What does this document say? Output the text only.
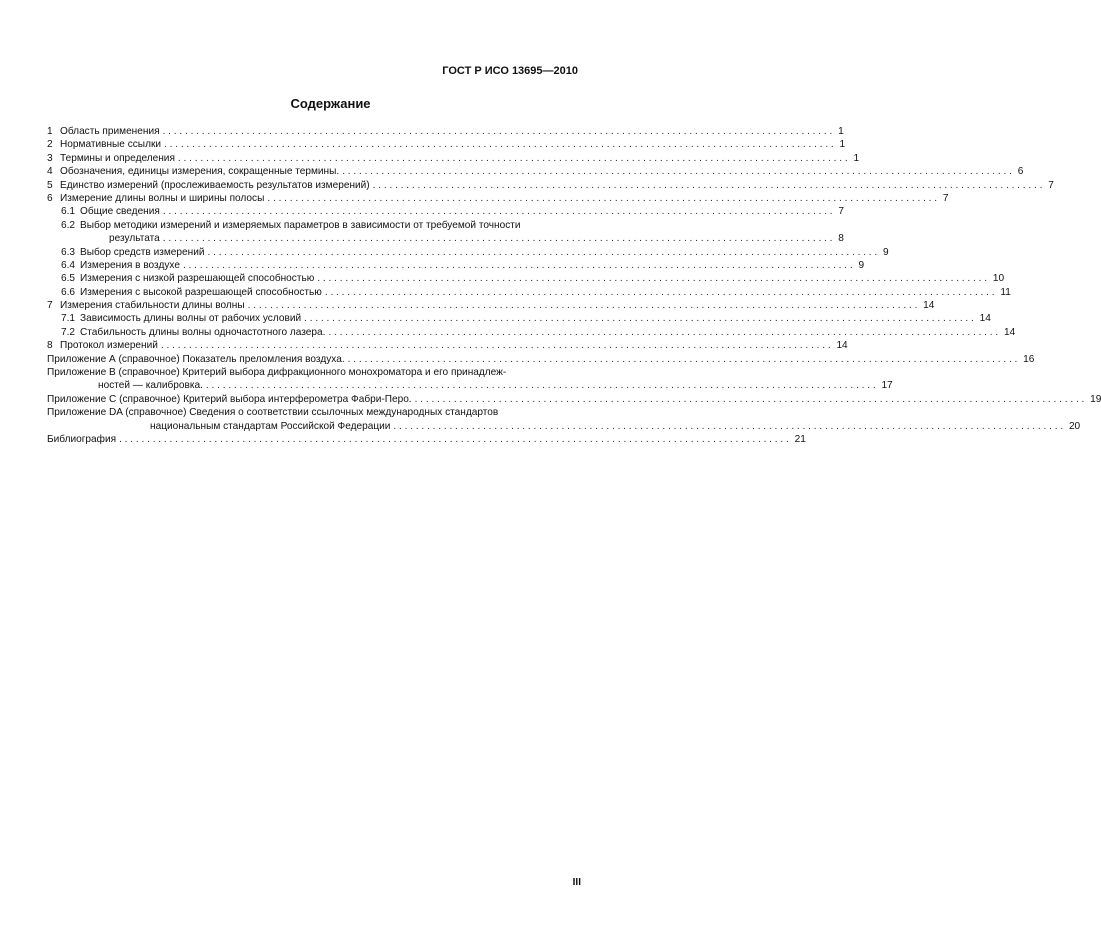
ГОСТ Р ИСО 13695—2010
Содержание
1 Область применения ........................................................................................................................ 1
2 Нормативные ссылки ........................................................................................................................ 1
3 Термины и определения ........................................................................................................................ 1
4 Обозначения, единицы измерения, сокращенные термины. ........................................................................................................................ 6
5 Единство измерений (прослеживаемость результатов измерений) ........................................................................................................................ 7
6 Измерение длины волны и ширины полосы ........................................................................................................................ 7
6.1 Общие сведения ........................................................................................................................ 7
6.2 Выбор методики измерений и измеряемых параметров в зависимости от требуемой точности
результата ........................................................................................................................ 8
6.3 Выбор средств измерений ........................................................................................................................ 9
6.4 Измерения в воздухе ........................................................................................................................ 9
6.5 Измерения с низкой разрешающей способностью ........................................................................................................................ 10
6.6 Измерения с высокой разрешающей способностью ........................................................................................................................ 11
7 Измерения стабильности длины волны ........................................................................................................................ 14
7.1 Зависимость длины волны от рабочих условий ........................................................................................................................ 14
7.2 Стабильность длины волны одночастотного лазера. ........................................................................................................................ 14
8 Протокол измерений ........................................................................................................................ 14
Приложение А (справочное) Показатель преломления воздуха. ........................................................................................................................ 16
Приложение В (справочное) Критерий выбора дифракционного монохроматора и его принадлеж-
ностей — калибровка. ........................................................................................................................ 17
Приложение С (справочное) Критерий выбора интерферометра Фабри-Перо. ........................................................................................................................ 19
Приложение DA (справочное) Сведения о соответствии ссылочных международных стандартов
национальным стандартам Российской Федерации ........................................................................................................................ 20
Библиография ........................................................................................................................ 21
III
